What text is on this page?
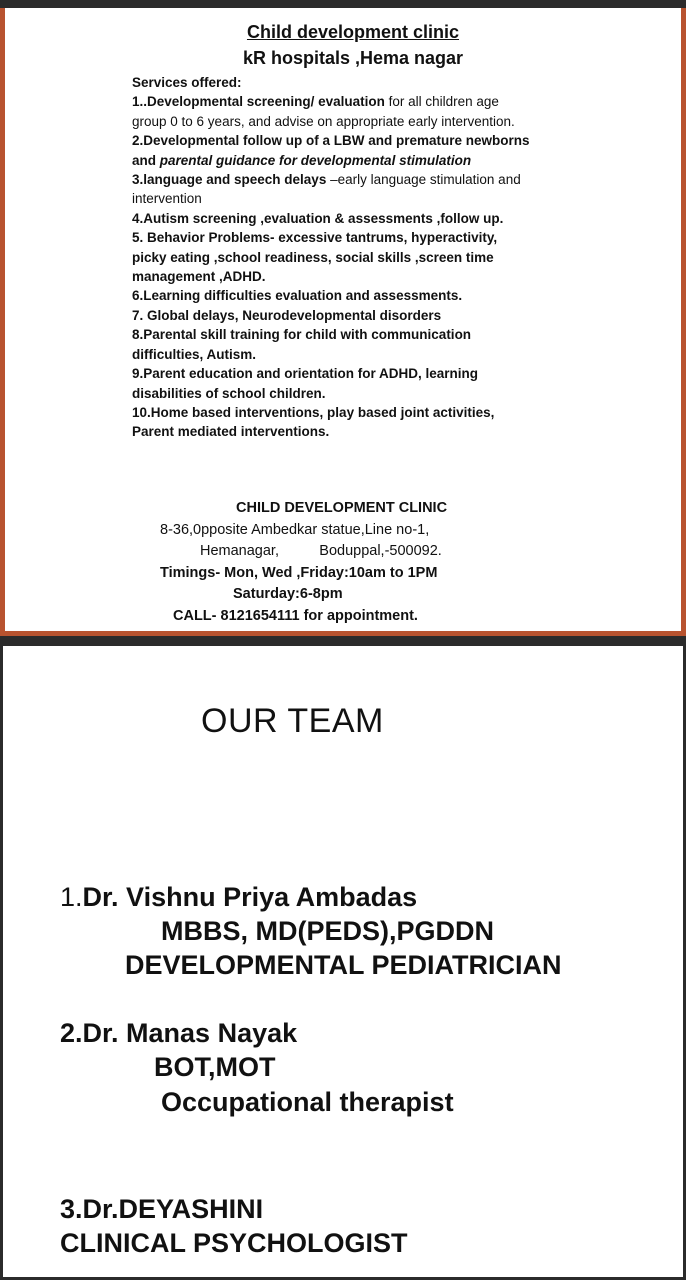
Child development clinic
kR hospitals ,Hema nagar
Services offered:
1..Developmental screening/ evaluation for all children age group 0 to 6 years, and advise on appropriate early intervention.
2.Developmental follow up of a LBW and premature newborns and parental guidance for developmental stimulation
3.language and speech delays –early language stimulation and intervention
4.Autism screening ,evaluation & assessments ,follow up.
5. Behavior Problems- excessive tantrums, hyperactivity, picky eating ,school readiness, social skills ,screen time management ,ADHD.
6.Learning difficulties evaluation and assessments.
7. Global delays, Neurodevelopmental disorders
8.Parental skill training for child with communication difficulties, Autism.
9.Parent education and orientation for ADHD, learning disabilities of school children.
10.Home based interventions, play based joint activities, Parent mediated interventions.
CHILD DEVELOPMENT CLINIC
8-36,0pposite Ambedkar statue,Line no-1,
Hemanagar,          Boduppal,-500092.
Timings- Mon, Wed ,Friday:10am to 1PM
Saturday:6-8pm
CALL- 8121654111 for appointment.
OUR TEAM
1.Dr. Vishnu Priya Ambadas
MBBS, MD(PEDS),PGDDN
DEVELOPMENTAL PEDIATRICIAN
2.Dr. Manas Nayak
BOT,MOT
Occupational therapist
3.Dr.DEYASHINI
CLINICAL PSYCHOLOGIST
